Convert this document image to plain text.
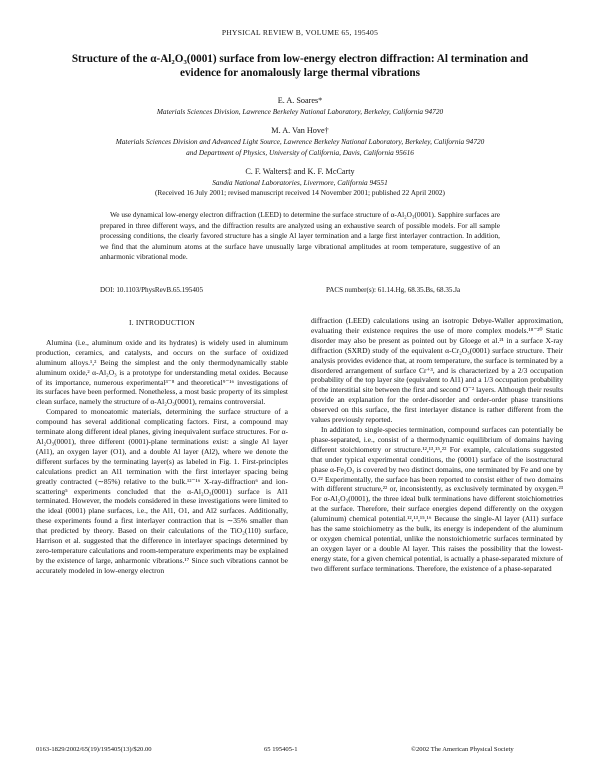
PHYSICAL REVIEW B, VOLUME 65, 195405
Structure of the α-Al₂O₃(0001) surface from low-energy electron diffraction: Al termination and
evidence for anomalously large thermal vibrations
E. A. Soares*
Materials Sciences Division, Lawrence Berkeley National Laboratory, Berkeley, California 94720
M. A. Van Hove†
Materials Sciences Division and Advanced Light Source, Lawrence Berkeley National Laboratory, Berkeley, California 94720
and Department of Physics, University of California, Davis, California 95616
C. F. Walters‡ and K. F. McCarty
Sandia National Laboratories, Livermore, California 94551
(Received 16 July 2001; revised manuscript received 14 November 2001; published 22 April 2002)
We use dynamical low-energy electron diffraction (LEED) to determine the surface structure of α-Al₂O₃(0001). Sapphire surfaces are prepared in three different ways, and the diffraction results are analyzed using an exhaustive search of possible models. For all sample processing conditions, the clearly favored structure has a single Al layer termination and a large first interlayer contraction. In addition, we find that the aluminum atoms at the surface have unusually large vibrational amplitudes at room temperature, suggestive of an anharmonic vibrational mode.
DOI: 10.1103/PhysRevB.65.195405	PACS number(s): 61.14.Hg, 68.35.Bs, 68.35.Ja
I. INTRODUCTION

Alumina (i.e., aluminum oxide and its hydrates) is widely used in aluminum production, ceramics, and catalysts, and occurs on the surface of oxidized aluminum alloys.¹,² Being the simplest and the only thermodynamically stable aluminum oxide,² α-Al₂O₃ is a prototype for understanding metal oxides. Because of its importance, numerous experimental³⁻⁸ and theoretical⁹⁻¹⁶ investigations of its surfaces have been performed. Nonetheless, a most basic property of its simplest clean surface, namely the structure of α-Al₂O₃(0001), remains controversial.

Compared to monoatomic materials, determining the surface structure of a compound has several additional complicating factors. First, a compound may terminate along different ideal planes, giving inequivalent surface structures. For α-Al₂O₃(0001), three different (0001)-plane terminations exist: a single Al layer (Al1), an oxygen layer (O1), and a double Al layer (Al2), where we denote the different surfaces by the terminating layer(s) as labeled in Fig. 1. First-principles calculations predict an Al1 termination with the first interlayer spacing being greatly contracted (∼85%) relative to the bulk.¹²⁻¹⁶ X-ray-diffraction⁶ and ion-scattering⁵ experiments concluded that the α-Al₂O₃(0001) surface is Al1 terminated. However, the models considered in these investigations were limited to the ideal (0001) plane surfaces, i.e., the Al1, O1, and Al2 surfaces. Additionally, these experiments found a first interlayer contraction that is ∼35% smaller than that predicted by theory. Based on their calculations of the TiO₂(110) surface, Harrison et al. suggested that the difference in interlayer spacings determined by zero-temperature calculations and room-temperature experiments may be explained by the existence of large, anharmonic vibrations.¹⁷ Since such vibrations cannot be accurately modeled in low-energy electron

diffraction (LEED) calculations using an isotropic Debye-Waller approximation, evaluating their existence requires the use of more complex models.¹⁸⁻²⁰ Static disorder may also be present as pointed out by Gloege et al.²¹ in a surface X-ray diffraction (SXRD) study of the equivalent α-Cr₂O₃(0001) surface structure. Their analysis provides evidence that, at room temperature, the surface is terminated by a disordered arrangement of surface Cr⁺³, and is characterized by a 2/3 occupation probability of the top layer site (equivalent to Al1) and a 1/3 occupation probability of the interstitial site between the first and second O⁻² layers. Although their results provide an explanation for the order-disorder and order-order phase transitions observed on this surface, the first interlayer distance is rather different from the values previously reported.

In addition to single-species termination, compound surfaces can potentially be phase-separated, i.e., consist of a thermodynamic equilibrium of domains having different stoichiometry or structure.¹²,¹³,¹⁵,²² For example, calculations suggested that under typical experimental conditions, the (0001) surface of the isostructural phase α-Fe₂O₃ is covered by two distinct domains, one terminated by Fe and one by O.²² Experimentally, the surface has been reported to consist either of two domains with different structure,²² or, inconsistently, as exclusively terminated by oxygen.²³ For α-Al₂O₃(0001), the three ideal bulk terminations have different stoichiometries at the surface. Therefore, their surface energies depend differently on the oxygen (aluminum) chemical potential.¹²,¹³,¹⁵,¹⁶ Because the single-Al layer (Al1) surface has the same stoichiometry as the bulk, its energy is independent of the aluminum or oxygen chemical potential, unlike the nonstoichiometric surfaces terminated by an oxygen layer or a double Al layer. This raises the possibility that the lowest-energy state, for a given chemical potential, is actually a phase-separated mixture of two different surface terminations. Therefore, the existence of a phase-separated

0163-1829/2002/65(19)/195405(13)/$20.00	65 195405-1	©2002 The American Physical Society
